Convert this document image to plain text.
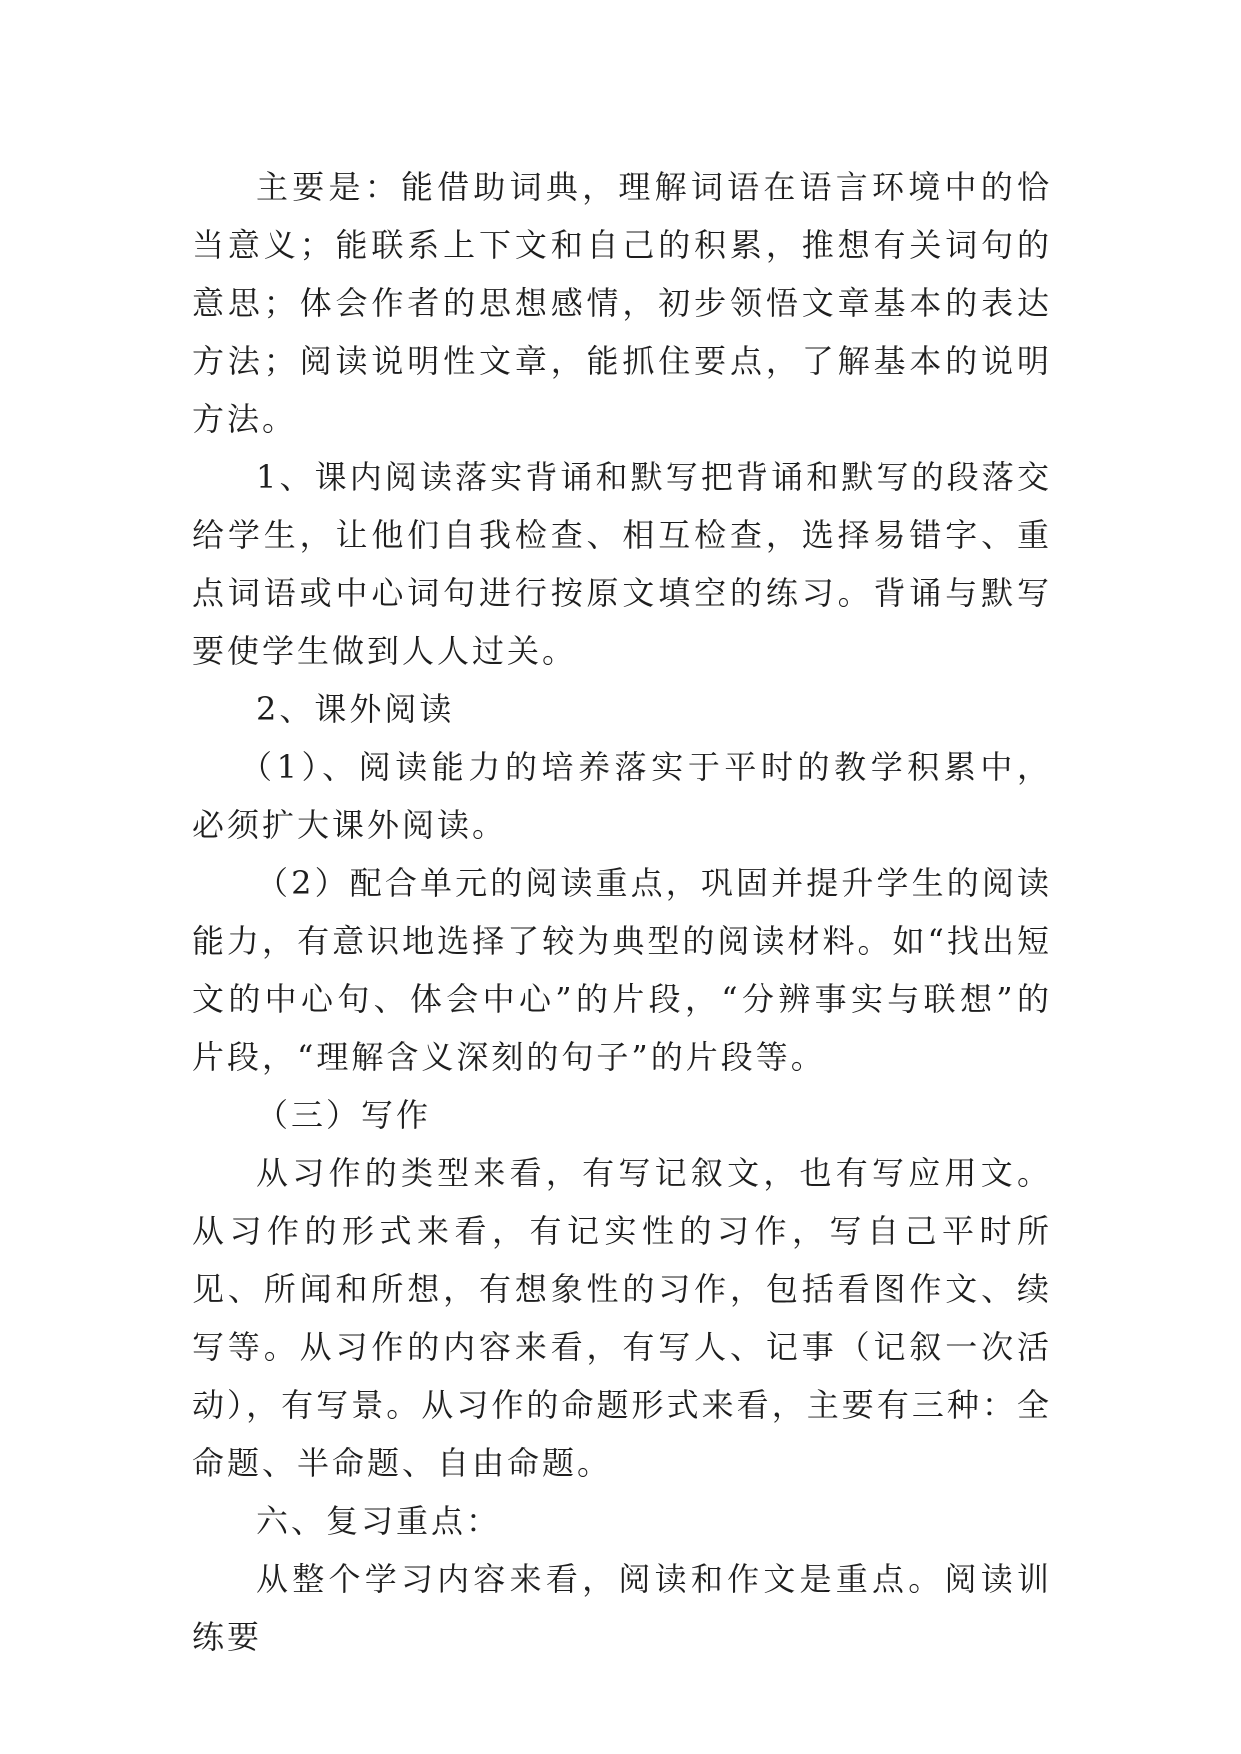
主要是：能借助词典，理解词语在语言环境中的恰当意义；能联系上下文和自己的积累，推想有关词句的意思；体会作者的思想感情，初步领悟文章基本的表达方法；阅读说明性文章，能抓住要点，了解基本的说明方法。

1、课内阅读落实背诵和默写把背诵和默写的段落交给学生，让他们自我检查、相互检查，选择易错字、重点词语或中心词句进行按原文填空的练习。背诵与默写要使学生做到人人过关。

2、课外阅读

（1）、阅读能力的培养落实于平时的教学积累中，必须扩大课外阅读。

（2）配合单元的阅读重点，巩固并提升学生的阅读能力，有意识地选择了较为典型的阅读材料。如“找出短文的中心句、体会中心”的片段，“分辨事实与联想”的片段，“理解含义深刻的句子”的片段等。

（三）写作

从习作的类型来看，有写记叙文，也有写应用文。从习作的形式来看，有记实性的习作，写自己平时所见、所闻和所想，有想象性的习作，包括看图作文、续写等。从习作的内容来看，有写人、记事（记叙一次活动），有写景。从习作的命题形式来看，主要有三种：全命题、半命题、自由命题。

六、复习重点：

从整个学习内容来看，阅读和作文是重点。阅读训练要
